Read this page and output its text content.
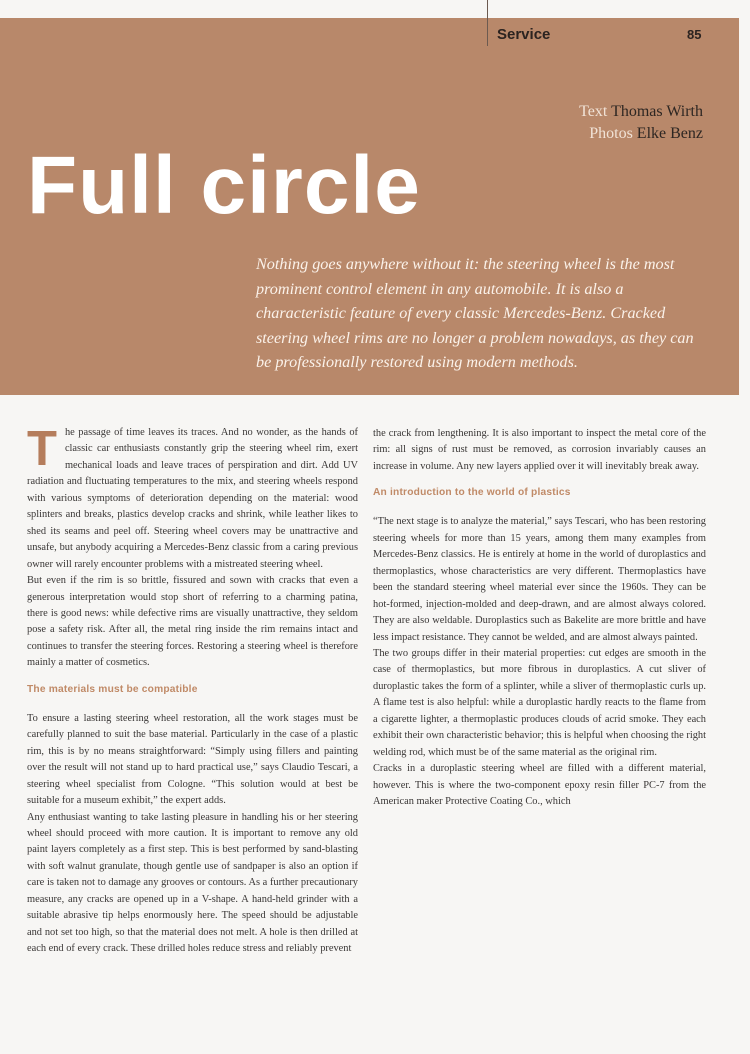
Service	85
Text Thomas Wirth
Photos Elke Benz
Full circle
Nothing goes anywhere without it: the steering wheel is the most prominent control element in any automobile. It is also a characteristic feature of every classic Mercedes-Benz. Cracked steering wheel rims are no longer a problem nowadays, as they can be professionally restored using modern methods.

The passage of time leaves its traces. And no wonder, as the hands of classic car enthusiasts constantly grip the steering wheel rim, exert mechanical loads and leave traces of perspiration and dirt. Add UV radiation and fluctuating temperatures to the mix, and steering wheels respond with various symptoms of deterioration depending on the material: wood splinters and breaks, plastics develop cracks and shrink, while leather likes to shed its seams and peel off. Steering wheel covers may be unattractive and unsafe, but anybody acquiring a Mercedes-Benz classic from a caring previous owner will rarely encounter problems with a mistreated steering wheel.

But even if the rim is so brittle, fissured and sown with cracks that even a generous interpretation would stop short of referring to a charming patina, there is good news: while defective rims are visually unattractive, they seldom pose a safety risk. After all, the metal ring inside the rim remains intact and continues to transfer the steering forces. Restoring a steering wheel is therefore mainly a matter of cosmetics.

The materials must be compatible

To ensure a lasting steering wheel restoration, all the work stages must be carefully planned to suit the base material. Particularly in the case of a plastic rim, this is by no means straightforward: “Simply using fillers and painting over the result will not stand up to hard practical use,” says Claudio Tescari, a steering wheel specialist from Cologne. “This solution would at best be suitable for a museum exhibit,” the expert adds.

Any enthusiast wanting to take lasting pleasure in handling his or her steering wheel should proceed with more caution. It is important to remove any old paint layers completely as a first step. This is best performed by sand-blasting with soft walnut granulate, though gentle use of sandpaper is also an option if care is taken not to damage any grooves or contours. As a further precautionary measure, any cracks are opened up in a V-shape. A hand-held grinder with a suitable abrasive tip helps enormously here. The speed should be adjustable and not set too high, so that the material does not melt. A hole is then drilled at each end of every crack. These drilled holes reduce stress and reliably prevent

the crack from lengthening. It is also important to inspect the metal core of the rim: all signs of rust must be removed, as corrosion invariably causes an increase in volume. Any new layers applied over it will inevitably break away.

An introduction to the world of plastics

“The next stage is to analyze the material,” says Tescari, who has been restoring steering wheels for more than 15 years, among them many examples from Mercedes-Benz classics. He is entirely at home in the world of duroplastics and thermoplastics, whose characteristics are very different. Thermoplastics have been the standard steering wheel material ever since the 1960s. They can be hot-formed, injection-molded and deep-drawn, and are almost always colored. They are also weldable. Duroplastics such as Bakelite are more brittle and have less impact resistance. They cannot be welded, and are almost always painted.

The two groups differ in their material properties: cut edges are smooth in the case of thermoplastics, but more fibrous in duroplastics. A cut sliver of duroplastic takes the form of a splinter, while a sliver of thermoplastic curls up. A flame test is also helpful: while a duroplastic hardly reacts to the flame from a cigarette lighter, a thermoplastic produces clouds of acrid smoke. They each exhibit their own characteristic behavior; this is helpful when choosing the right welding rod, which must be of the same material as the original rim.

Cracks in a duroplastic steering wheel are filled with a different material, however. This is where the two-component epoxy resin filler PC-7 from the American maker Protective Coating Co., which
